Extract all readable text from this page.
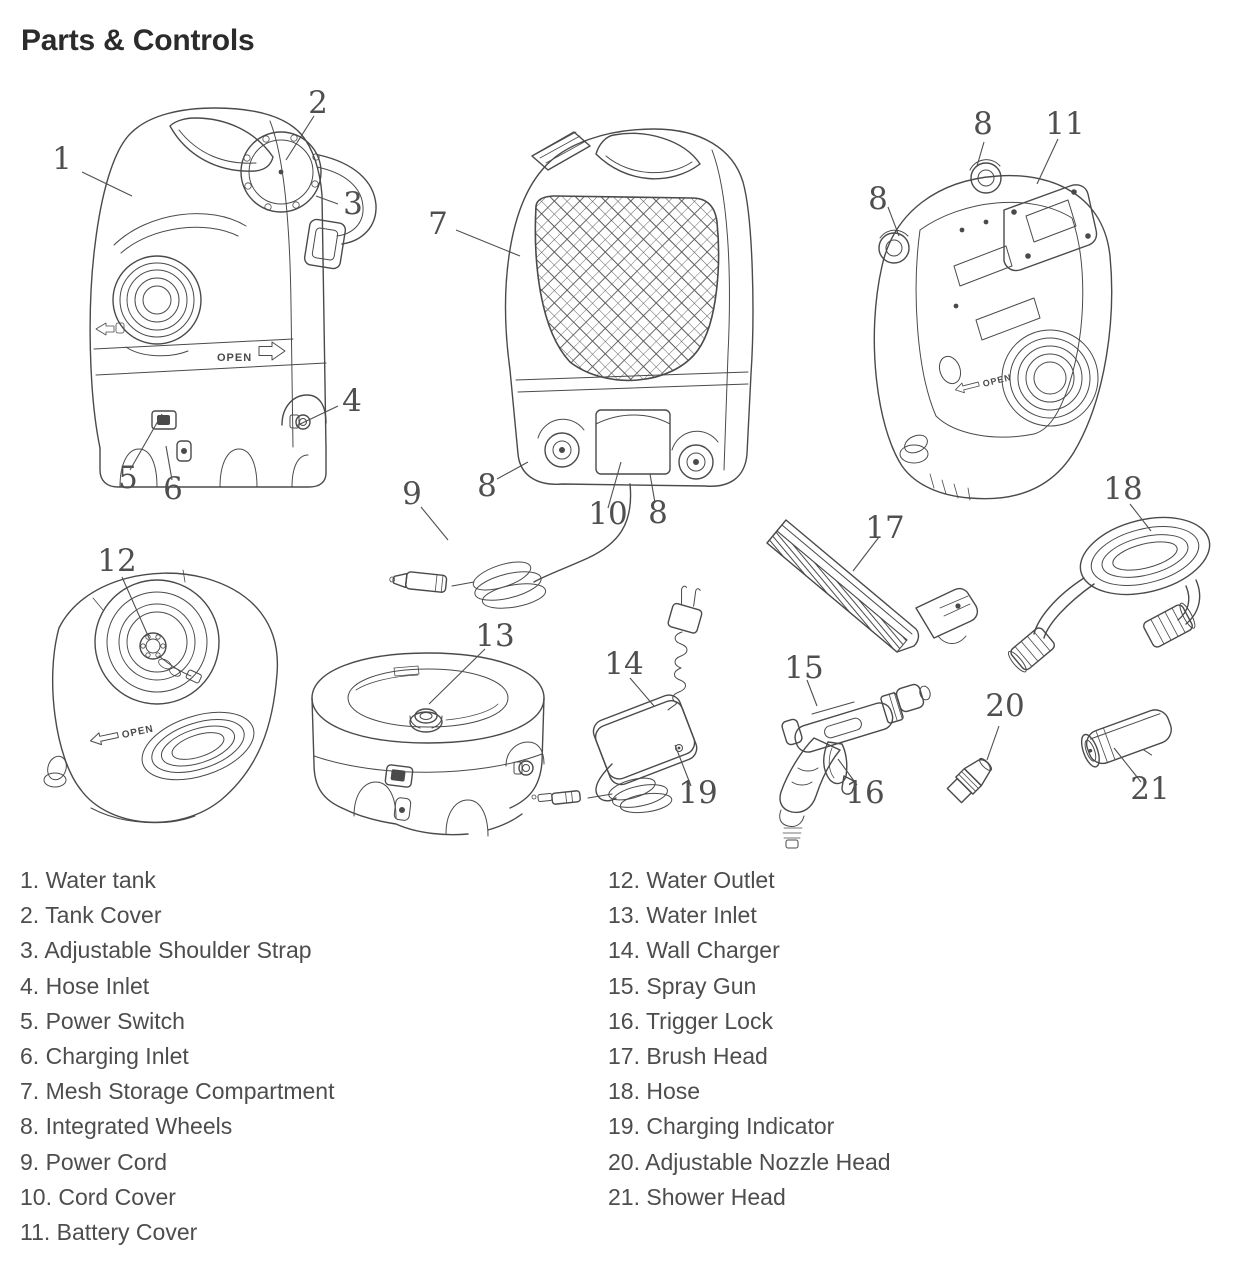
Parts & Controls
OPEN
OPEN
OPEN
1
2
3
4
5 6
7
8
9
10 8
8
8
11
12
13
14
19
15
16
17
18
20
21
1. Water tank
2. Tank Cover
3. Adjustable Shoulder Strap
4. Hose Inlet
5. Power Switch
6. Charging Inlet
7. Mesh Storage Compartment
8. Integrated Wheels
9. Power Cord
10. Cord Cover
11. Battery Cover
12. Water Outlet
13. Water Inlet
14. Wall Charger
15. Spray Gun
16. Trigger Lock
17. Brush Head
18. Hose
19. Charging Indicator
20. Adjustable Nozzle Head
21. Shower Head
